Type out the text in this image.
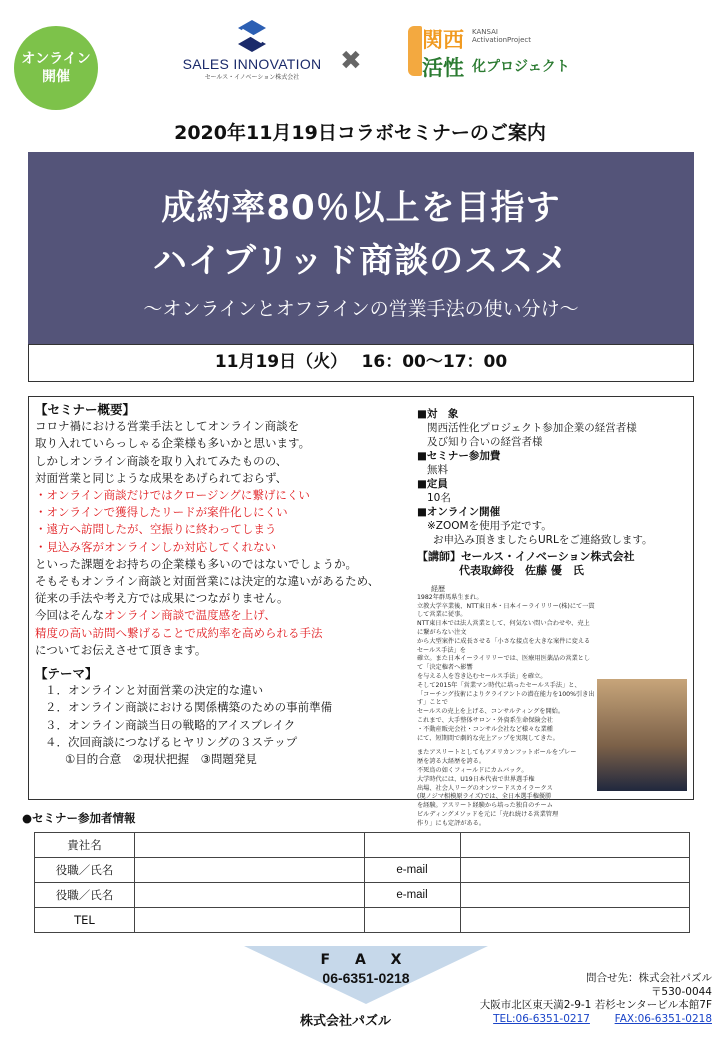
オンライン
開催
SALES INNOVATION
セールス・イノベーション株式会社
✖
関西
活性
KANSAI ActivationProject
化プロジェクト
2020年11月19日コラボセミナーのご案内
成約率80％以上を目指す
ハイブリッド商談のススメ
～オンラインとオフラインの営業手法の使い分け～
11月19日（火）　 16：00～17：00
【セミナー概要】
コロナ禍における営業手法としてオンライン商談を
取り入れていらっしゃる企業様も多いかと思います。
しかしオンライン商談を取り入れてみたものの、
対面営業と同じような成果をあげられておらず、
・オンライン商談だけではクロージングに繋げにくい
・オンラインで獲得したリードが案件化しにくい
・遠方へ訪問したが、空振りに終わってしまう
・見込み客がオンラインしか対応してくれない
といった課題をお持ちの企業様も多いのではないでしょうか。
そもそもオンライン商談と対面営業には決定的な違いがあるため、
従来の手法や考え方では成果につながりません。
今回はそんなオンライン商談で温度感を上げ、
精度の高い訪問へ繋げることで成約率を高められる手法
についてお伝えさせて頂きます。
【テーマ】
１．オンラインと対面営業の決定的な違い
２．オンライン商談における関係構築のための事前準備
３．オンライン商談当日の戦略的アイスブレイク
４．次回商談につなげるヒヤリングの３ステップ
①目的合意　②現状把握　③問題発見
■対　象
関西活性化プロジェクト参加企業の経営者様
及び知り合いの経営者様
■セミナー参加費
無料
■定員
10名
■オンライン開催
※ZOOMを使用予定です。
お申込み頂きましたらURLをご連絡致します。
【講師】セールス・イノベーション株式会社
代表取締役　佐藤 優　氏
経歴
1982年群馬県生まれ。
立教大学卒業後、NTT東日本・日本イーライリリー(株)にて一貫して営業に従事。
NTT東日本では法人営業として、何気ない問い合わせや、売上に繋がらない注文
から大型案件に成長させる「小さな接点を大きな案件に変えるセールス手法」を
確立。また日本イーライリリーでは、医療用医薬品の営業として「決定権者へ影響
を与える人を巻き込むセールス手法」を確立。
そして2015年「営業マン時代に培ったセールス手法」と、
「コーチング技術によりクライアントの潜在能力を100%引き出す」ことで
セールスの売上を上げる、コンサルティングを開始。
これまで、大手整体サロン・外資系生命保険会社
・不動産販売会社・コンサル会社など様々な業種
にて、短期間で劇的な売上アップを実現してきた。
またアスリートとしてもアメリカンフットボールをプレー
歴を誇る大経歴を誇る。
不死鳥の如くフィールドにカムバック。
大学時代には、U19日本代表で世界選手権
出場、社会人リーグのオンワードスカイラークス
(現ノジマ相模原ライズ)では、全日本選手権優勝
を経験。アスリート経験から培った独自のチーム
ビルディングメソッドを元に「売れ続ける営業管理
作り」にも定評がある。
●セミナー参加者情報
貴社名			
役職／氏名		e-mail	
役職／氏名		e-mail	
TEL			
F A X
06-6351-0218
株式会社パズル
問合せ先：株式会社パズル
〒530-0044
大阪市北区東天満2-9-1 若杉センタービル本館7F
TEL:06-6351-0217 FAX:06-6351-0218
